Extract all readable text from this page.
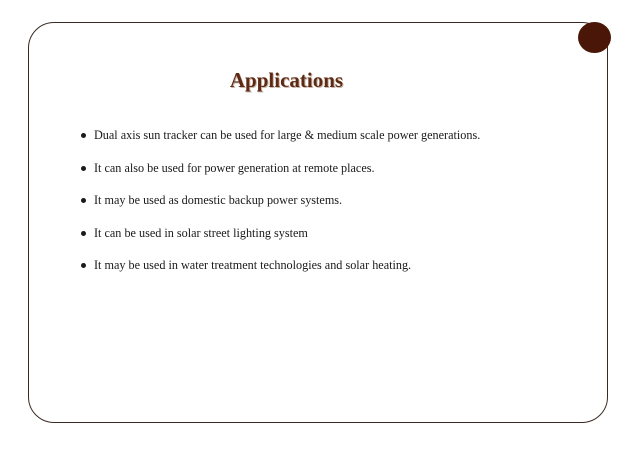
Applications
Dual axis sun tracker can be used for large & medium scale power generations.
It can also be used for power generation at remote places.
It may be used as domestic backup power systems.
It can be used in solar street lighting system
It may be used in water treatment technologies and solar heating.
